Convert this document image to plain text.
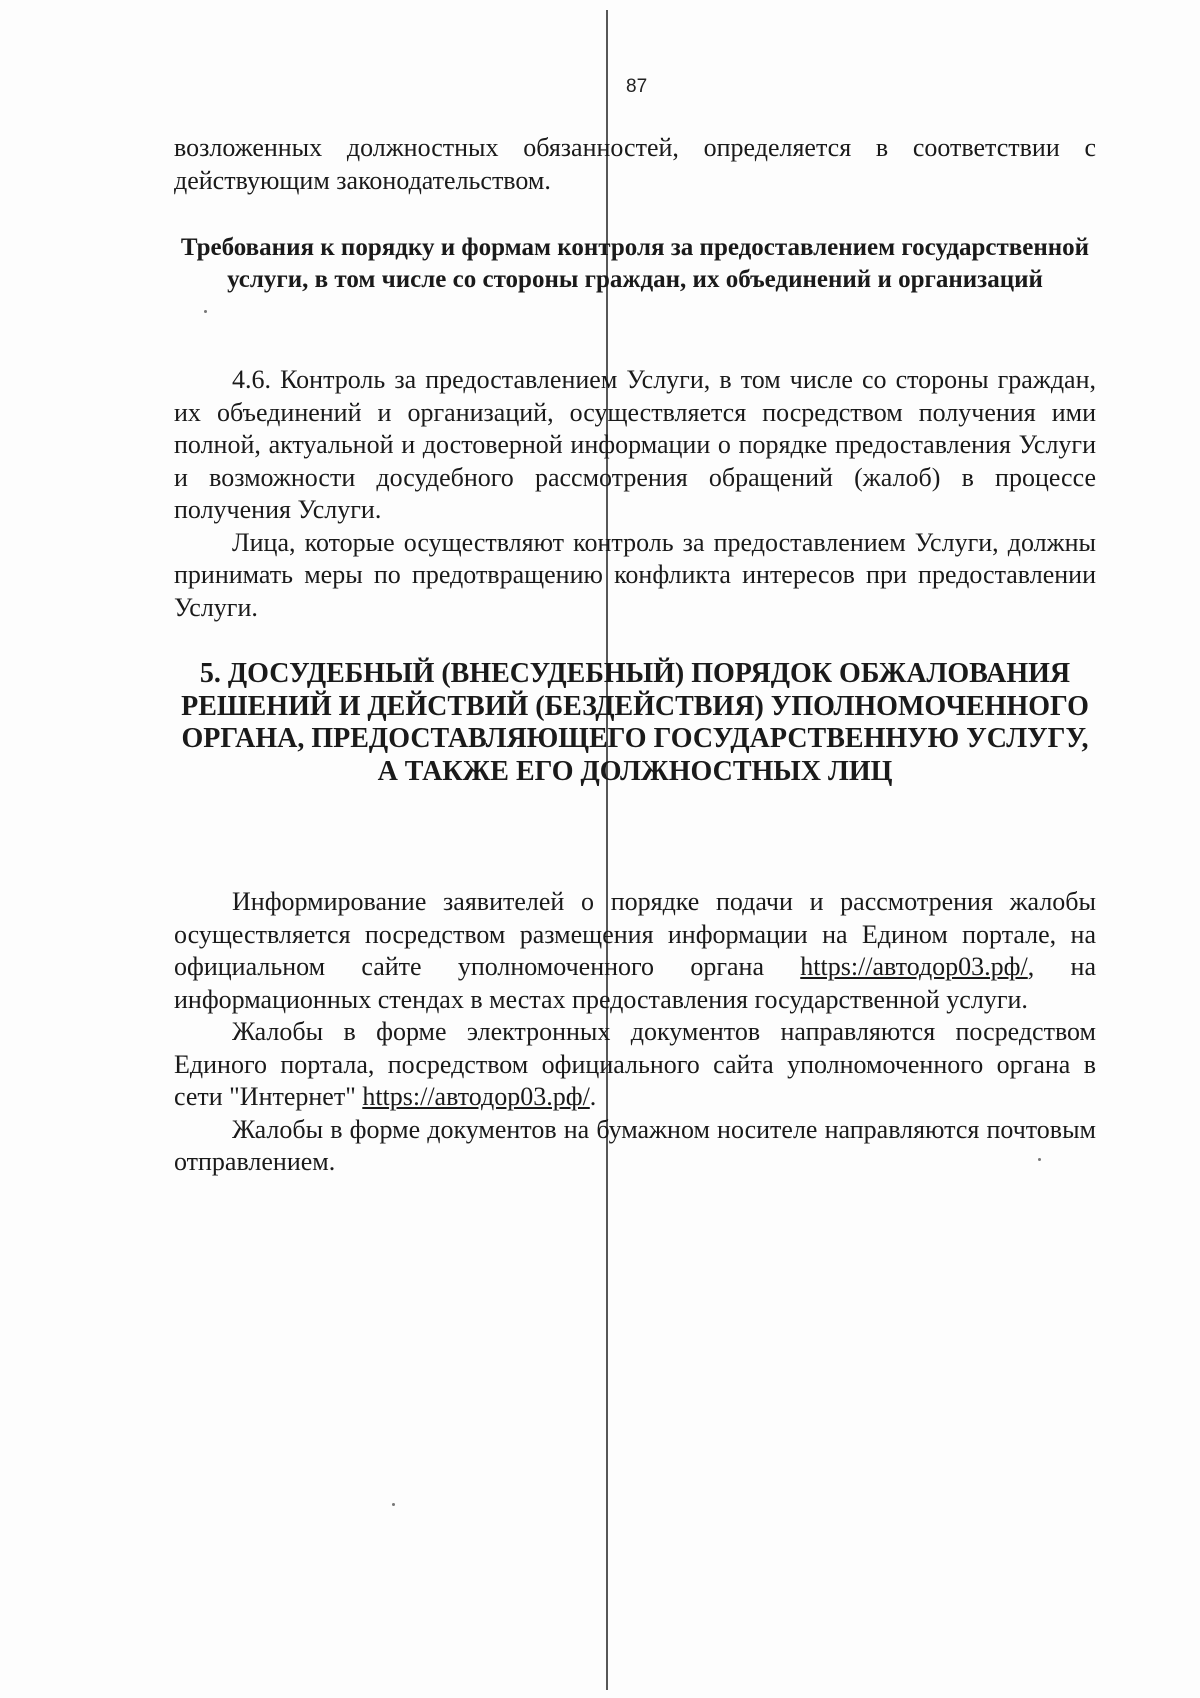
87

возложенных должностных обязанностей, определяется в соответствии с действующим законодательством.

Требования к порядку и формам контроля за предоставлением государственной услуги, в том числе со стороны граждан, их объединений и организаций

4.6. Контроль за предоставлением Услуги, в том числе со стороны граждан, их объединений и организаций, осуществляется посредством получения ими полной, актуальной и достоверной информации о порядке предоставления Услуги и возможности досудебного рассмотрения обращений (жалоб) в процессе получения Услуги.

Лица, которые осуществляют контроль за предоставлением Услуги, должны принимать меры по предотвращению конфликта интересов при предоставлении Услуги.

5. ДОСУДЕБНЫЙ (ВНЕСУДЕБНЫЙ) ПОРЯДОК ОБЖАЛОВАНИЯ РЕШЕНИЙ И ДЕЙСТВИЙ (БЕЗДЕЙСТВИЯ) УПОЛНОМОЧЕННОГО ОРГАНА, ПРЕДОСТАВЛЯЮЩЕГО ГОСУДАРСТВЕННУЮ УСЛУГУ, А ТАКЖЕ ЕГО ДОЛЖНОСТНЫХ ЛИЦ

Информирование заявителей о порядке подачи и рассмотрения жалобы осуществляется посредством размещения информации на Едином портале, на официальном сайте уполномоченного органа https://автодор03.рф/, на информационных стендах в местах предоставления государственной услуги.

Жалобы в форме электронных документов направляются посредством Единого портала, посредством официального сайта уполномоченного органа в сети "Интернет" https://автодор03.рф/.

Жалобы в форме документов на бумажном носителе направляются почтовым отправлением.
